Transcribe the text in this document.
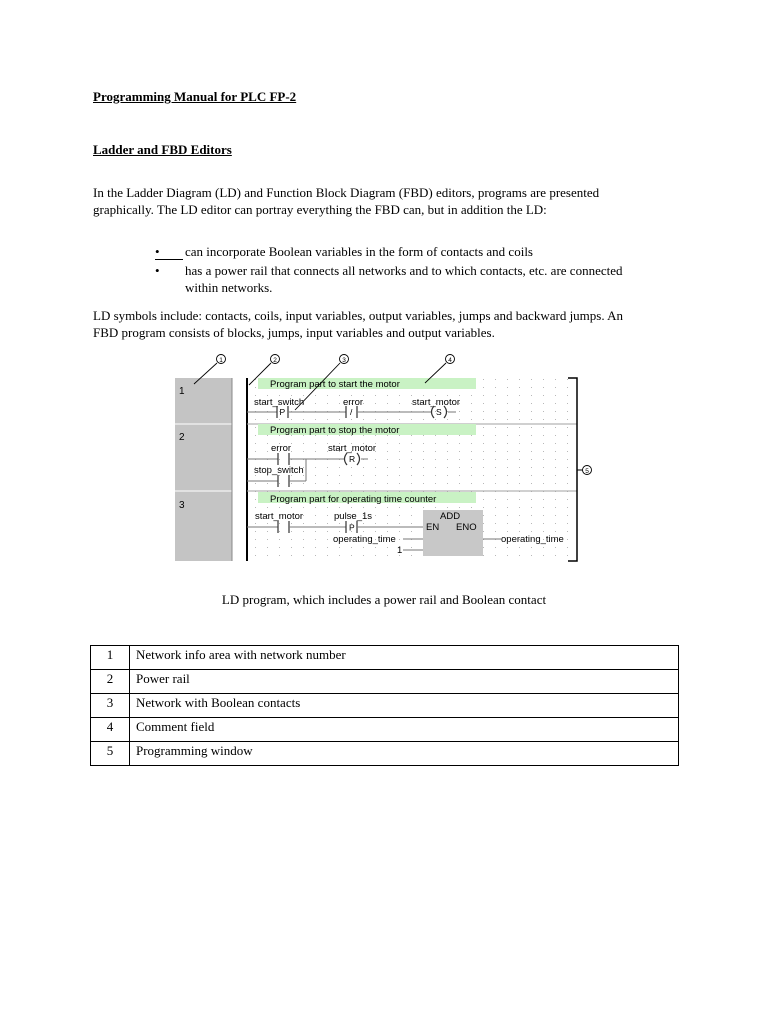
Programming Manual for PLC FP-2
Ladder and FBD Editors
In the Ladder Diagram (LD) and Function Block Diagram (FBD) editors, programs are presented
graphically. The LD editor can portray everything the FBD can, but in addition the LD:
• can incorporate Boolean variables in the form of contacts and coils
• has a power rail that connects all networks and to which contacts, etc. are connected
within networks.
LD symbols include: contacts, coils, input variables, output variables, jumps and backward jumps. An
FBD program consists of blocks, jumps, input variables and output variables.
1
2
3
Program part to start the motor
Program part to stop the motor
Program part for operating time counter
start_switch	error	start_motor
P	/	S
error	start_motor
R
stop_switch
start_motor	pulse_1s
P
ADD
EN ENO
operating_time
1
operating_time
1	2	3	4
5
LD program, which includes a power rail and Boolean contact
1	Network info area with network number
2	Power rail
3	Network with Boolean contacts
4	Comment field
5	Programming window
